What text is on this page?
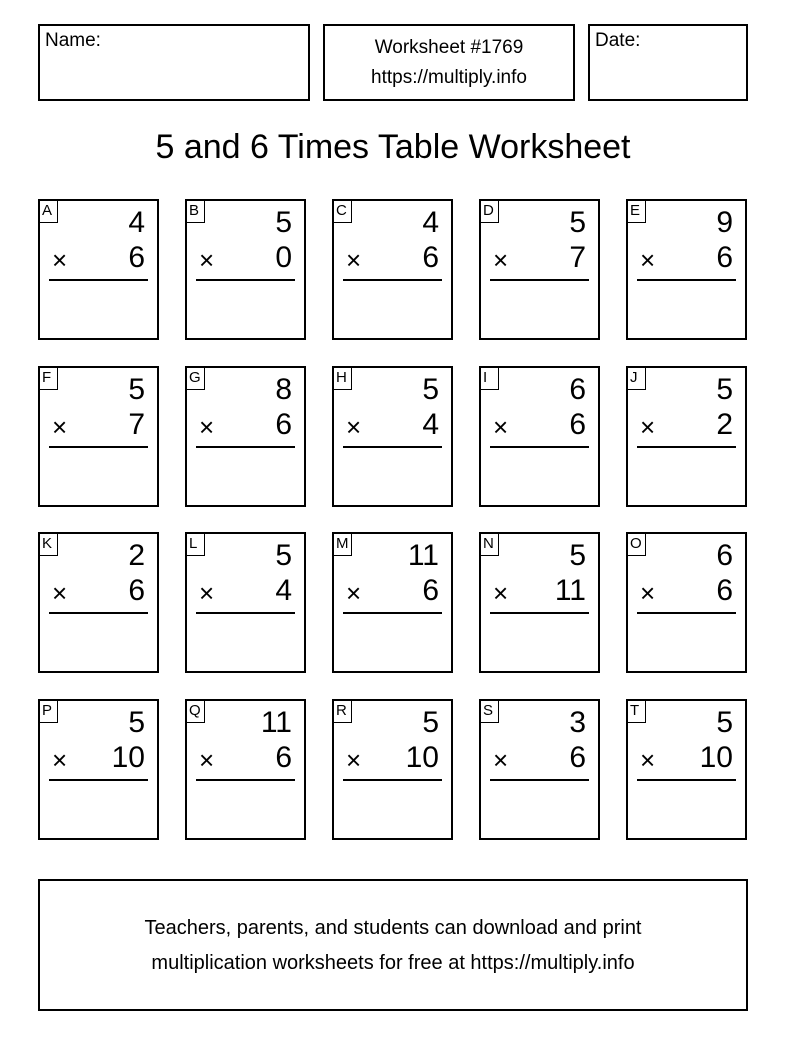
Name:	Worksheet #1769
https://multiply.info
Date:
5 and 6 Times Table Worksheet
A	4
× 6
B	5
× 0
C	4
× 6
D	5
× 7
E	9
× 6
F	5
× 7
G 8
× 6
H	5
× 4
I	6
× 6
J	5
× 2
K	2
× 6
L	5
× 4
M 11
× 6
N	5
× 11
O 6
× 6
P	5
× 10
Q 11
× 6
R	5
× 10
S	3
× 6
T	5
× 10
Teachers, parents, and students can download and print
multiplication worksheets for free at https://multiply.info
